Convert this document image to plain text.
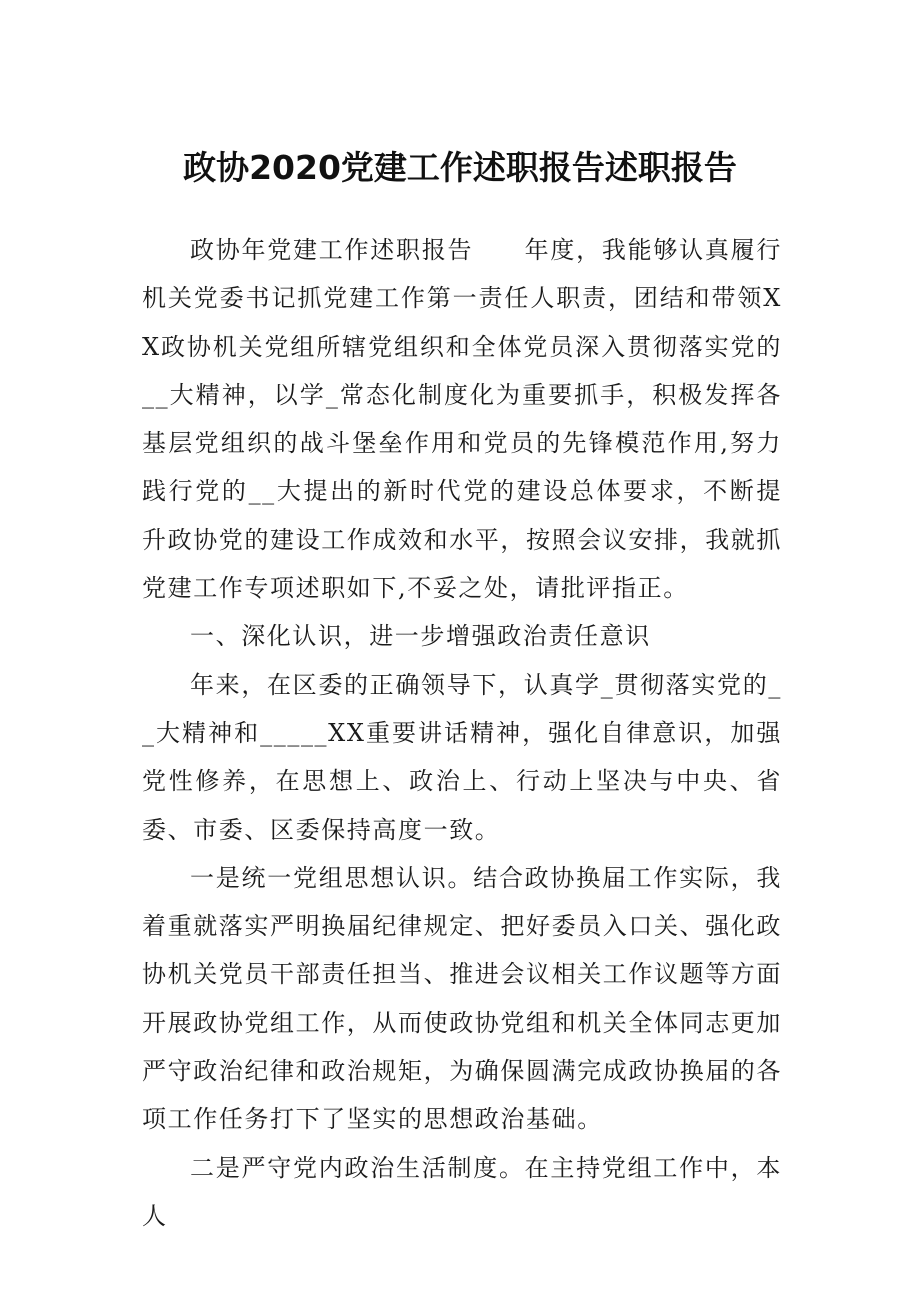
政协2020党建工作述职报告述职报告

政协年党建工作述职报告　　年度，我能够认真履行机关党委书记抓党建工作第一责任人职责，团结和带领XX政协机关党组所辖党组织和全体党员深入贯彻落实党的__大精神，以学_常态化制度化为重要抓手，积极发挥各基层党组织的战斗堡垒作用和党员的先锋模范作用,努力践行党的__大提出的新时代党的建设总体要求，不断提升政协党的建设工作成效和水平，按照会议安排，我就抓党建工作专项述职如下,不妥之处，请批评指正。

一、深化认识，进一步增强政治责任意识

年来，在区委的正确领导下，认真学_贯彻落实党的__大精神和_____XX重要讲话精神，强化自律意识，加强党性修养，在思想上、政治上、行动上坚决与中央、省委、市委、区委保持高度一致。

一是统一党组思想认识。结合政协换届工作实际，我着重就落实严明换届纪律规定、把好委员入口关、强化政协机关党员干部责任担当、推进会议相关工作议题等方面开展政协党组工作，从而使政协党组和机关全体同志更加严守政治纪律和政治规矩，为确保圆满完成政协换届的各项工作任务打下了坚实的思想政治基础。

二是严守党内政治生活制度。在主持党组工作中，本人
